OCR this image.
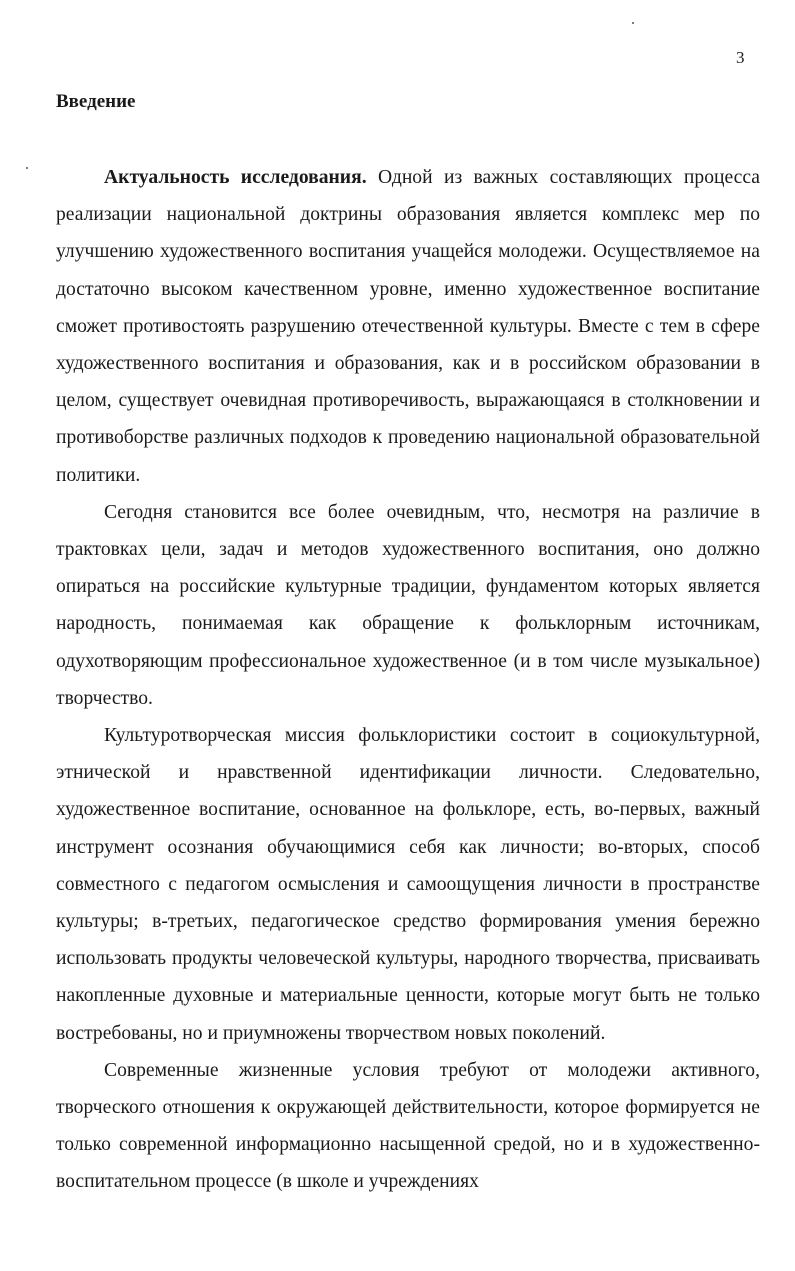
3
Введение

Актуальность исследования. Одной из важных составляющих процесса реализации национальной доктрины образования является комплекс мер по улучшению художественного воспитания учащейся молодежи. Осуществляемое на достаточно высоком качественном уровне, именно художественное воспитание сможет противостоять разрушению отечественной культуры. Вместе с тем в сфере художественного воспитания и образования, как и в российском образовании в целом, существует очевидная противоречивость, выражающаяся в столкновении и противоборстве различных подходов к проведению национальной образовательной политики.

Сегодня становится все более очевидным, что, несмотря на различие в трактовках цели, задач и методов художественного воспитания, оно должно опираться на российские культурные традиции, фундаментом которых является народность, понимаемая как обращение к фольклорным источникам, одухотворяющим профессиональное художественное (и в том числе музыкальное) творчество.

Культуротворческая миссия фольклористики состоит в социокультурной, этнической и нравственной идентификации личности. Следовательно, художественное воспитание, основанное на фольклоре, есть, во-первых, важный инструмент осознания обучающимися себя как личности; во-вторых, способ совместного с педагогом осмысления и самоощущения личности в пространстве культуры; в-третьих, педагогическое средство формирования умения бережно использовать продукты человеческой культуры, народного творчества, присваивать накопленные духовные и материальные ценности, которые могут быть не только востребованы, но и приумножены творчеством новых поколений.

Современные жизненные условия требуют от молодежи активного, творческого отношения к окружающей действительности, которое формируется не только современной информационно насыщенной средой, но и в художественно-воспитательном процессе (в школе и учреждениях
